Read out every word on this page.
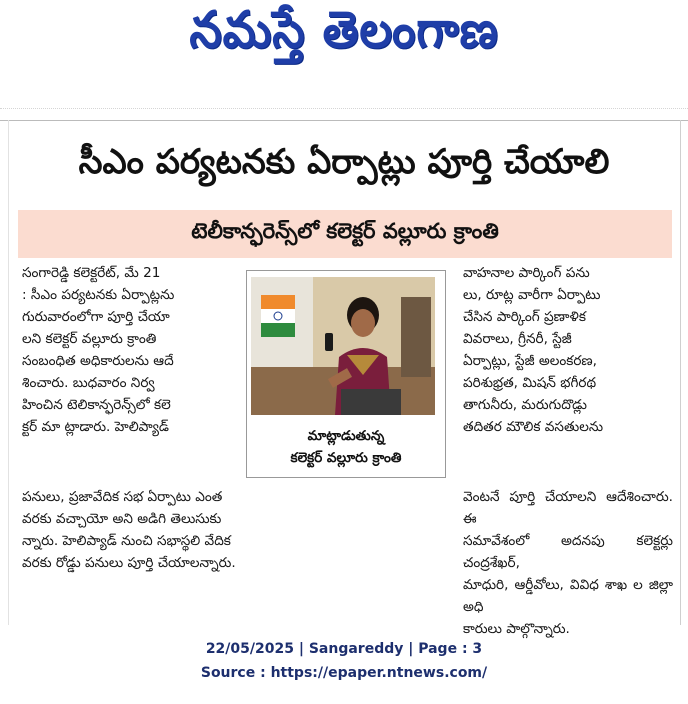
నమస్తే తెలంగాణ
సీఎం పర్యటనకు ఏర్పాట్లు పూర్తి చేయాలి
టెలీకాన్ఫరెన్స్‌లో కలెక్టర్‌ వల్లూరు క్రాంతి

సంగారెడ్డి కలెక్టరేట్‌, మే 21

: సీఎం పర్యటనకు ఏర్పాట్లను

గురువారంలోగా పూర్తి చేయా

లని కలెక్టర్‌ వల్లూరు క్రాంతి

సంబంధిత అధికారులను ఆదే

శించారు. బుధవారం నిర్వ

హించిన టెలికాన్ఫరెన్స్‌లో కలె

క్టర్‌ మా ట్లాడారు. హెలిప్యాడ్‌

మాట్లాడుతున్న
కలెక్టర్‌ వల్లూరు క్రాంతి

వాహనాల పార్కింగ్‌ పను

లు, రూట్ల వారీగా ఏర్పాటు

చేసిన పార్కింగ్‌ ప్రణాళిక

వివరాలు, గ్రీనరీ, స్టేజీ

ఏర్పాట్లు, స్టేజీ అలంకరణ,

పరిశుభ్రత, మిషన్‌ భగీరథ

తాగునీరు, మరుగుదొడ్లు

తదితర మౌలిక వసతులను

పనులు, ప్రజావేదిక సభ ఏర్పాటు ఎంత

వరకు వచ్చాయో అని అడిగి తెలుసుకు

న్నారు. హెలిప్యాడ్‌ నుంచి సభాస్థలి వేదిక

వరకు రోడ్డు పనులు పూర్తి చేయాలన్నారు.

వెంటనే పూర్తి చేయాలని ఆదేశించారు. ఈ

సమావేశంలో అదనపు కలెక్టర్లు చంద్రశేఖర్‌,

మాధురి, ఆర్డీవోలు, వివిధ శాఖ ల జిల్లా అధి

కారులు పాల్గొన్నారు.

22/05/2025 | Sangareddy | Page : 3
Source : https://epaper.ntnews.com/
